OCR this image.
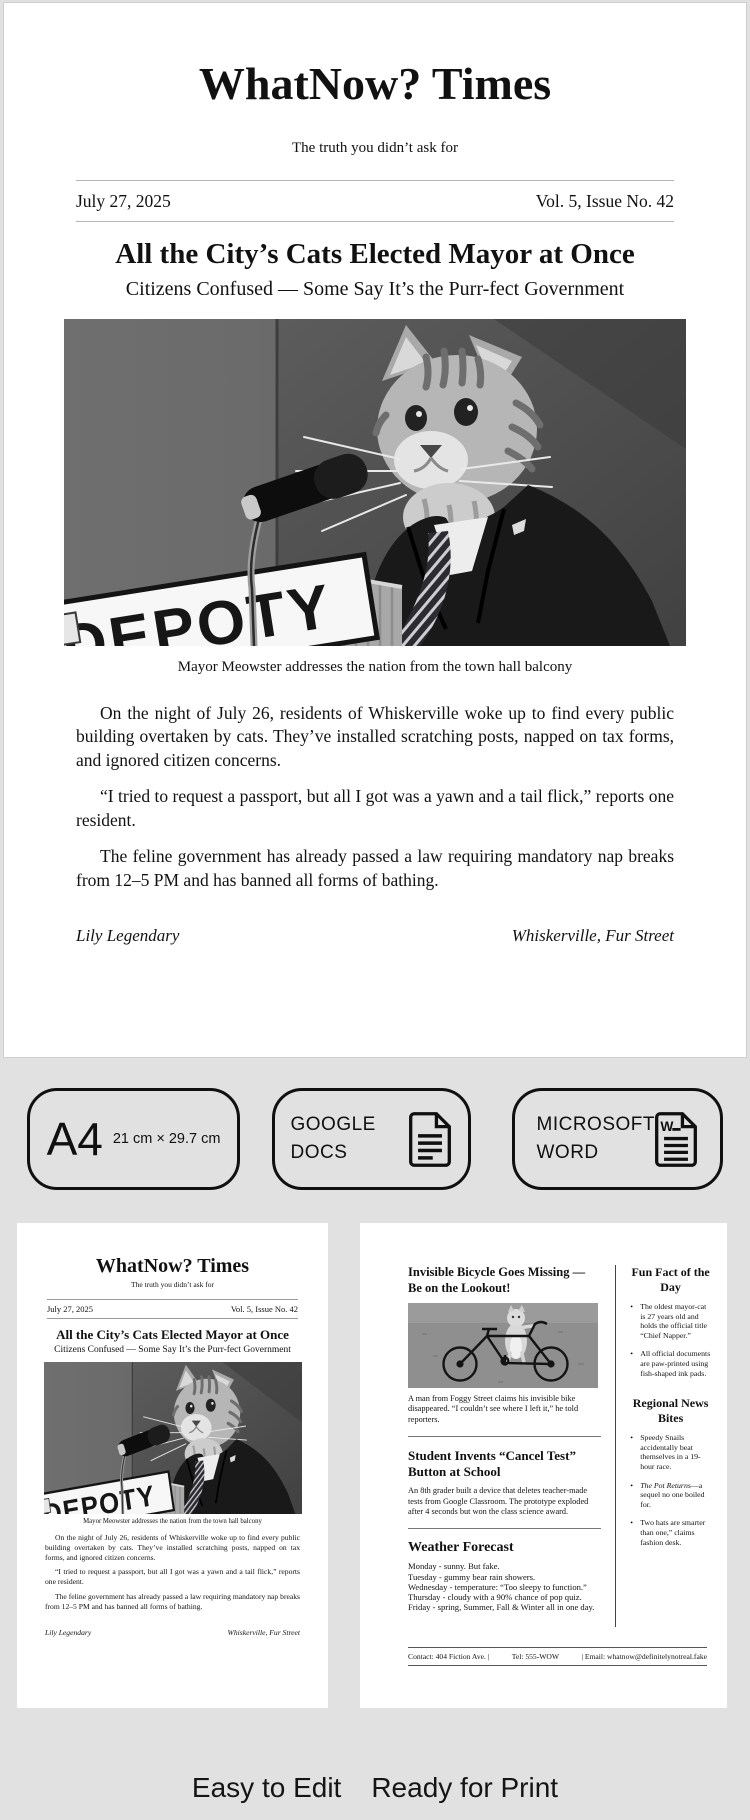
WhatNow? Times
The truth you didn’t ask for
July 27, 2025	Vol. 5, Issue No. 42
All the City’s Cats Elected Mayor at Once
Citizens Confused — Some Say It’s the Purr-fect Government
Mayor Meowster addresses the nation from the town hall balcony

On the night of July 26, residents of Whiskerville woke up to find every public building overtaken by cats. They’ve installed scratching posts, napped on tax forms, and ignored citizen concerns.

“I tried to request a passport, but all I got was a yawn and a tail flick,” reports one resident.

The feline government has already passed a law requiring mandatory nap breaks from 12–5 PM and has banned all forms of bathing.

Lily Legendary	Whiskerville, Fur Street
A4 21 cm × 29.7 cm
GOOGLE DOCS
MICROSOFT WORD
WhatNow? Times
The truth you didn’t ask for
July 27, 2025	Vol. 5, Issue No. 42
All the City’s Cats Elected Mayor at Once
Citizens Confused — Some Say It’s the Purr-fect Government
Mayor Meowster addresses the nation from the town hall balcony

On the night of July 26, residents of Whiskerville woke up to find every public building overtaken by cats. They’ve installed scratching posts, napped on tax forms, and ignored citizen concerns.

“I tried to request a passport, but all I got was a yawn and a tail flick,” reports one resident.

The feline government has already passed a law requiring mandatory nap breaks from 12–5 PM and has banned all forms of bathing.

Lily Legendary	Whiskerville, Fur Street
Invisible Bicycle Goes Missing — Be on the Lookout!
A man from Foggy Street claims his invisible bike disappeared. “I couldn’t see where I left it,” he told reporters.
Student Invents “Cancel Test” Button at School
An 8th grader built a device that deletes teacher-made tests from Google Classroom. The prototype exploded after 4 seconds but won the class science award.
Weather Forecast
Monday - sunny. But fake.
Tuesday - gummy bear rain showers.
Wednesday - temperature: “Too sleepy to function.”
Thursday - cloudy with a 90% chance of pop quiz.
Friday - spring, Summer, Fall & Winter all in one day.
Fun Fact of the Day
• The oldest mayor-cat is 27 years old and holds the official title “Chief Napper.”
• All official documents are paw-printed using fish-shaped ink pads.
Regional News Bites
• Speedy Snails accidentally beat themselves in a 19-hour race.
• The Pot Returns—a sequel no one boiled for.
• Two hats are smarter than one,” claims fashion desk.
Contact: 404 Fiction Ave. |	Tel: 555-WOW	| Email: whatnow@definitelynotreal.fake
Easy to Edit Ready for Print
